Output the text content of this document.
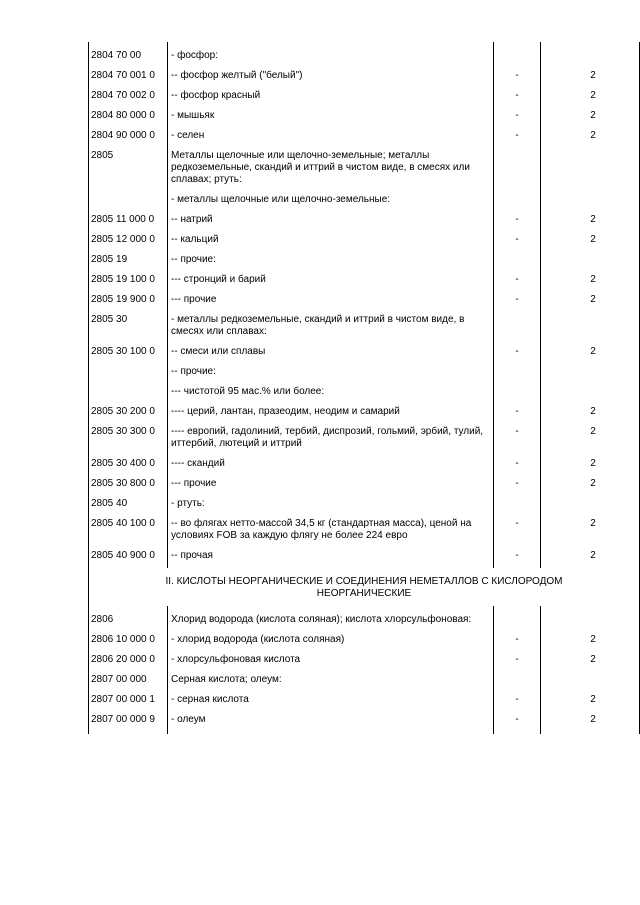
2804 70 00	- фосфор:		
2804 70 001 0	-- фосфор желтый ("белый")	-	2
2804 70 002 0	-- фосфор красный	-	2
2804 80 000 0	- мышьяк	-	2
2804 90 000 0	- селен	-	2
2805	Металлы щелочные или щелочно-земельные; металлы редкоземельные, скандий и иттрий в чистом виде, в смесях или сплавах; ртуть:		
	- металлы щелочные или щелочно-земельные:		
2805 11 000 0	-- натрий	-	2
2805 12 000 0	-- кальций	-	2
2805 19	-- прочие:		
2805 19 100 0	--- стронций и барий	-	2
2805 19 900 0	--- прочие	-	2
2805 30	- металлы редкоземельные, скандий и иттрий в чистом виде, в смесях или сплавах:		
2805 30 100 0	-- смеси или сплавы	-	2
	-- прочие:		
	--- чистотой 95 мас.% или более:		
2805 30 200 0	---- церий, лантан, празеодим, неодим и самарий	-	2
2805 30 300 0	---- европий, гадолиний, тербий, диспрозий, гольмий, эрбий, тулий, иттербий, лютеций и иттрий	-	2
2805 30 400 0	---- скандий	-	2
2805 30 800 0	--- прочие	-	2
2805 40	- ртуть:		
2805 40 100 0	-- во флягах нетто-массой 34,5 кг (стандартная масса), ценой на условиях FOB за каждую флягу не более 224 евро	-	2
2805 40 900 0	-- прочая	-	2

II. КИСЛОТЫ НЕОРГАНИЧЕСКИЕ И СОЕДИНЕНИЯ НЕМЕТАЛЛОВ С КИСЛОРОДОМ НЕОРГАНИЧЕСКИЕ			
2806	Хлорид водорода (кислота соляная); кислота хлорсульфоновая:		
2806 10 000 0	- хлорид водорода (кислота соляная)	-	2
2806 20 000 0	- хлорсульфоновая кислота	-	2
2807 00 000	Серная кислота; олеум:		
2807 00 000 1	- серная кислота	-	2
2807 00 000 9	- олеум	-	2
